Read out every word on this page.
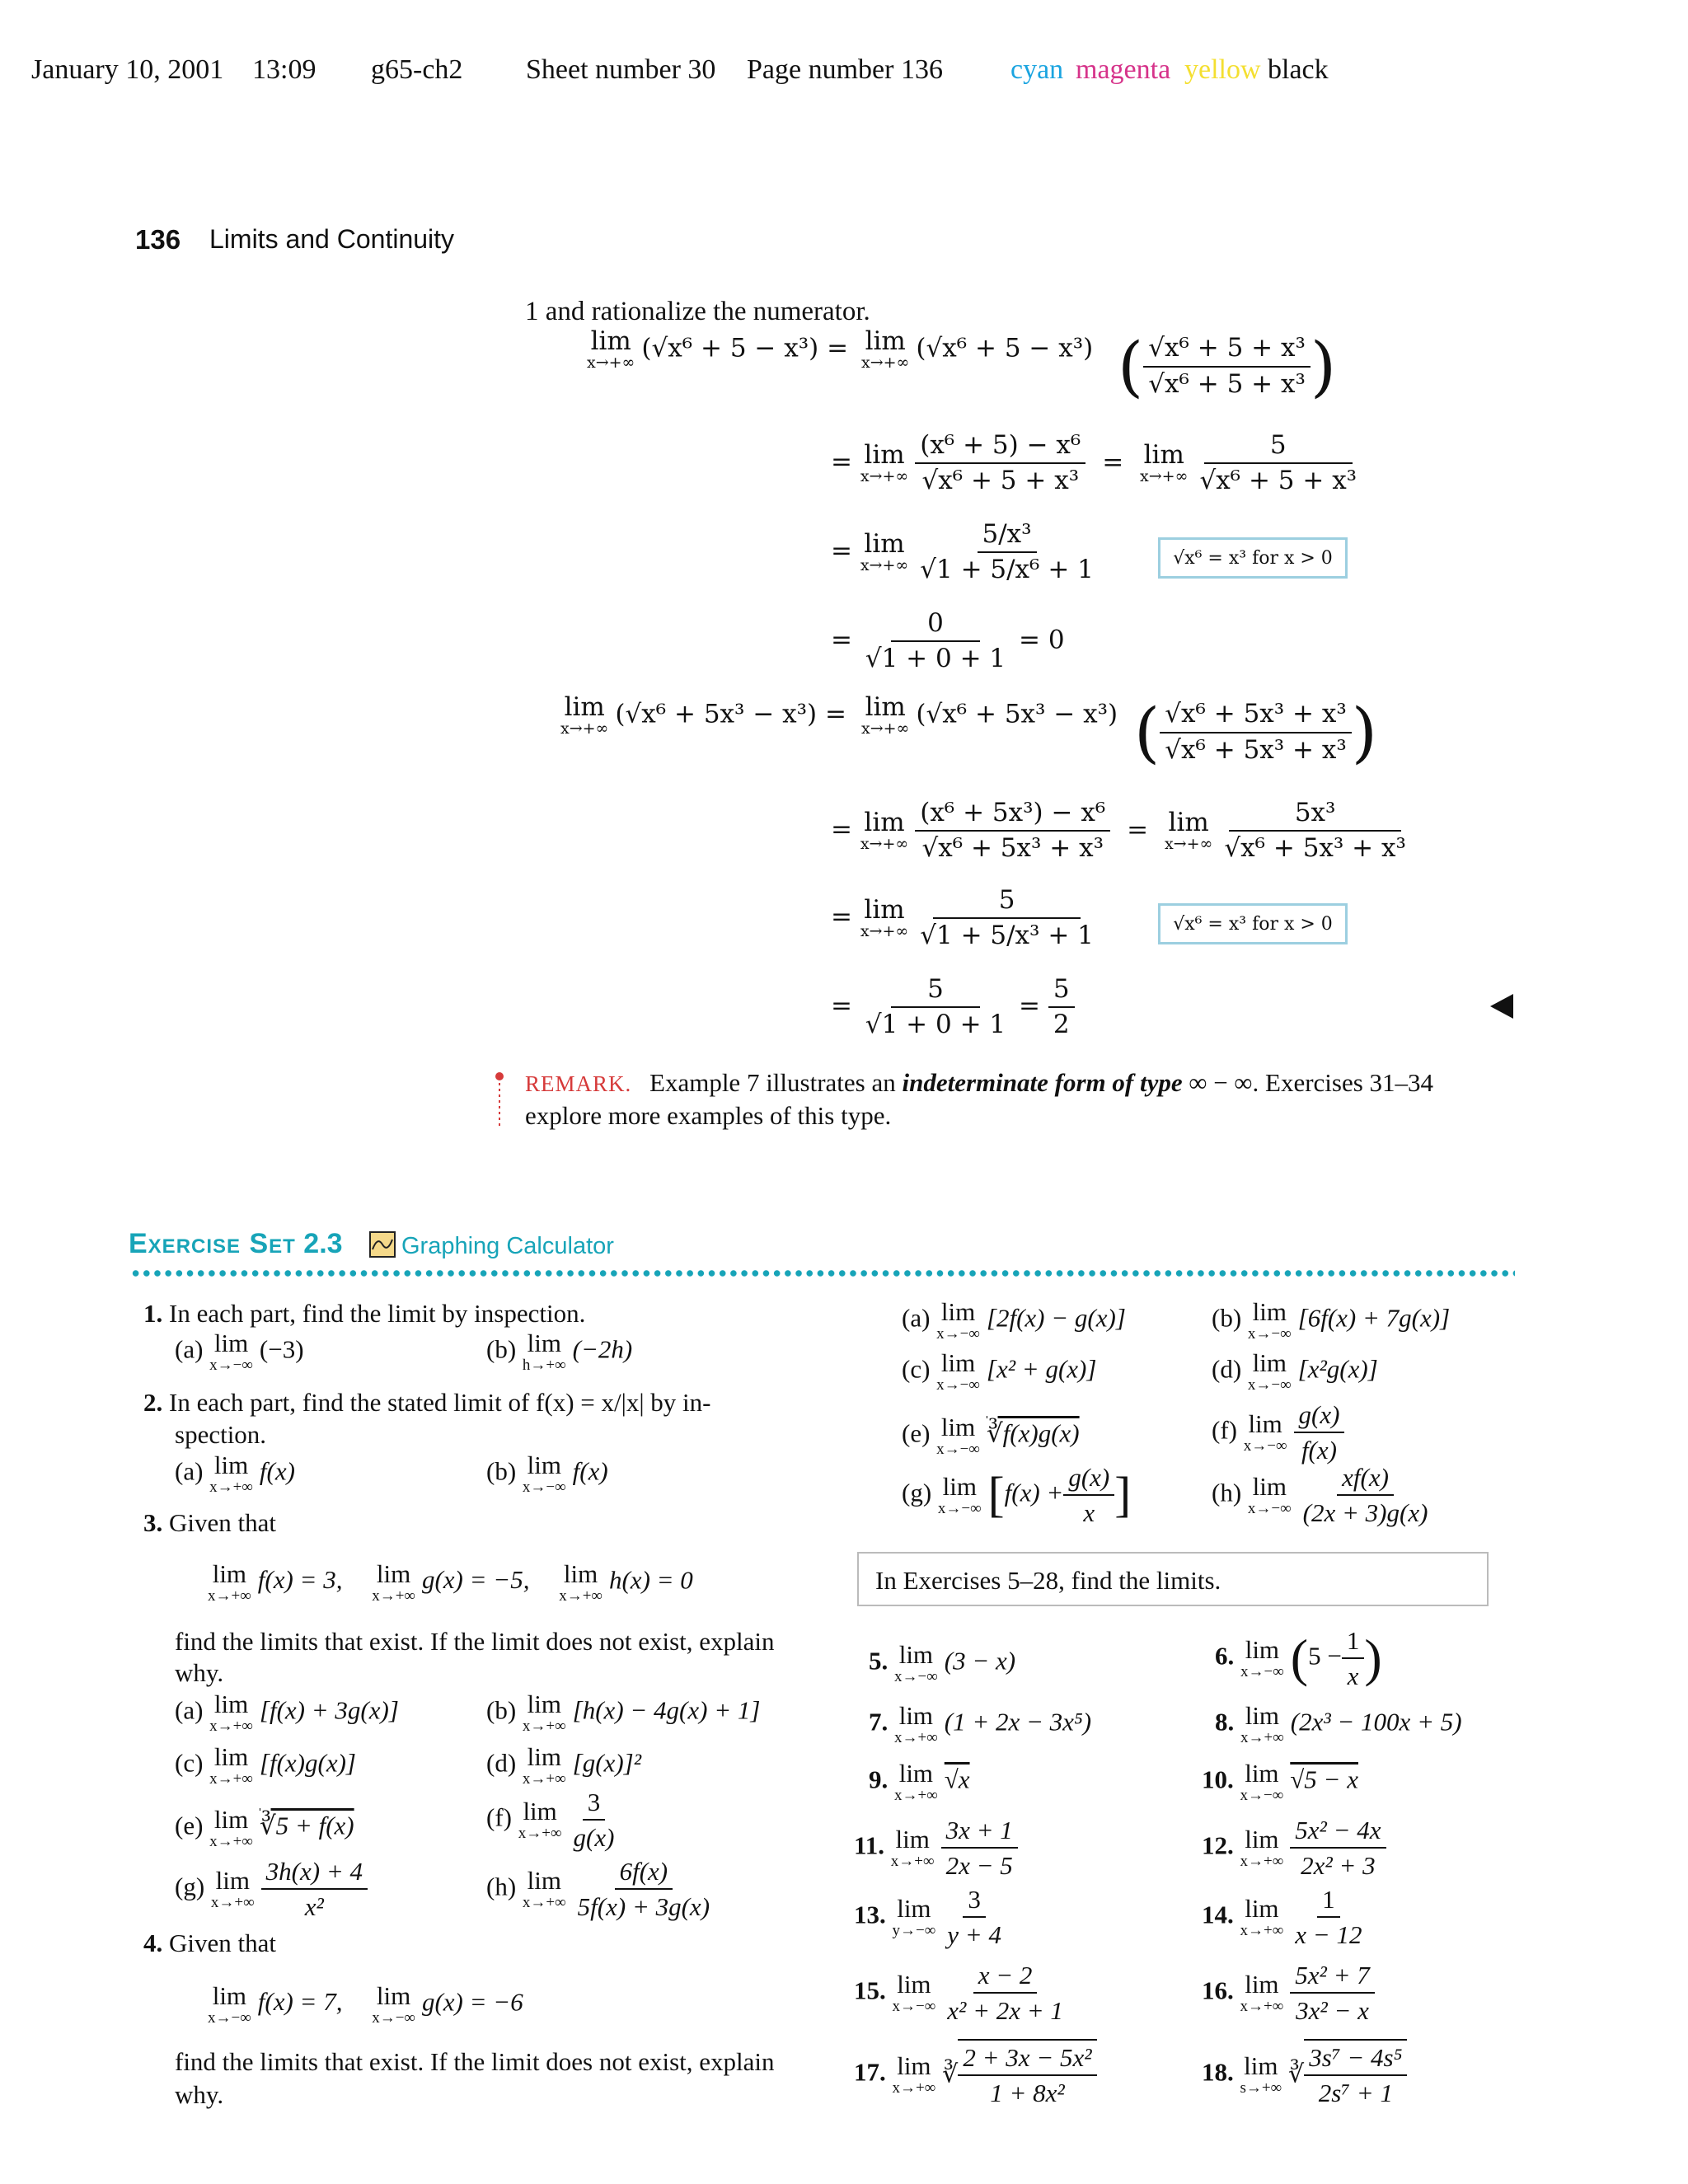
January 10, 2001 13:09 g65-ch2 Sheet number 30 Page number 136 cyan magenta yellow black
136 Limits and Continuity
1 and rationalize the numerator.
lim
x→+∞ (√x⁶ + 5 − x³) = lim
x→+∞ (√x⁶ + 5 − x³) ( $\frac{\text{√x⁶ + 5 + x³}}{\text{√x⁶ + 5 + x³}}$ )
= lim
$x\to+\infty \frac{\text{(x⁶ + 5) − x⁶}}{\text{√x⁶ + 5 + x³}} = \lim$
$x\to+\infty \frac{5}{\text{√x⁶ + 5 + x³}}$
= lim
$x\to+\infty \frac{\text{5/x³}}{\text{√1 + 5/x⁶ + 1}}$	√x⁶ = x³ for x > 0
= $\frac{0}{√1 + 0 + 1} = 0$
lim
x→+∞ (√x⁶ + 5x³ − x³) = lim
x→+∞ (√x⁶ + 5x³ − x³) ( $\frac{\text{√x⁶ + 5x³ + x³}}{\text{√x⁶ + 5x³ + x³}}$ )
= lim
$x\to+\infty \frac{\text{(x⁶ + 5x³) − x⁶}}{\text{√x⁶ + 5x³ + x³}} = \lim$
$x\to+\infty \frac{\text{5x³}}{\text{√x⁶ + 5x³ + x³}}$
= lim
$x\to+\infty \frac{5}{\text{√1 + 5/x³ + 1}}$	√x⁶ = x³ for x > 0
= $\frac{5}{√1 + 0 + 1} = \frac{5}{2}$
REMARK. Example 7 illustrates an indeterminate form of type ∞ − ∞. Exercises 31–34
explore more examples of this type.
Exercise Set 2.3 Graphing Calculator
1. In each part, find the limit by inspection.
(a) lim
x→−∞
(−3)	(b) lim
h→+∞
(−2h)
2. In each part, find the stated limit of f(x) = x/|x| by in-
spection.
(a) lim
x→+∞
f(x)	(b) lim
x→−∞
f(x)
3. Given that
lim
x→+∞
f(x) = 3, lim
x→+∞
g(x) = −5, lim
x→+∞
h(x) = 0
find the limits that exist. If the limit does not exist, explain
why.
(a) lim
x→+∞
[f(x) + 3g(x)]	(b) lim
x→+∞
[h(x) − 4g(x) + 1]
(c) lim
x→+∞
[f(x)g(x)]	(d) lim
x→+∞
[g(x)]²
(e) lim
x→+∞
∛5 + f(x)	(f) lim
$x\to+\infty \frac{3}{g(x)}$
(g) lim
$x\to+\infty \frac{3h(x) + 4}{\text{x²}}$	(h) lim
$x\to+\infty \frac{6f(x)}{5f(x) + 3g(x)}$
4. Given that
lim
x→−∞
f(x) = 7, lim
x→−∞
g(x) = −6
find the limits that exist. If the limit does not exist, explain
why.
(a) lim
x→−∞
[2f(x) − g(x)]	(b) lim
x→−∞
[6f(x) + 7g(x)]
(c) lim
x→−∞
[x² + g(x)]	(d) lim
x→−∞
[x²g(x)]
(e) lim
x→−∞
∛f(x)g(x)	(f) lim
$x\to-\infty \frac{g(x)}{f(x)}$
(g) lim
x→−∞ [$f(x) + \frac{g(x)}{x}$ ]	(h) lim
$x\to-\infty \frac{xf(x)}{(2x + 3)g(x)}$
In Exercises 5–28, find the limits.
5. lim
x→−∞
(3 − x)	6. lim
x→−∞ ($5 - \frac{1}{x}$ )
7. lim
x→+∞
(1 + 2x − 3x⁵)	8. lim
x→+∞
(2x³ − 100x + 5)
9. lim
x→+∞
√x	10. lim
x→−∞
√5 − x
11. lim
$x\to+\infty \frac{3x + 1}{2x - 5}$	12. lim
$x\to+\infty \frac{\text{5x² − 4x}}{\text{2x² + 3}}$
13. lim
$y\to-\infty \frac{3}{y + 4}$	14. lim
$x\to+\infty \frac{1}{x - 12}$
15. lim
$x\to-\infty \frac{x - 2}{\text{x² + 2x + 1}}$	16. lim
$x\to+\infty \frac{\text{5x² + 7}}{\text{3x² − x}}$
17. lim
x→+∞ ∛ $\frac{\text{2 + 3x − 5x²}}{\text{1 + 8x²}}$	18. lim
s→+∞ ∛ $\frac{\text{3s⁷ − 4s⁵}}{\text{2s⁷ + 1}}$
